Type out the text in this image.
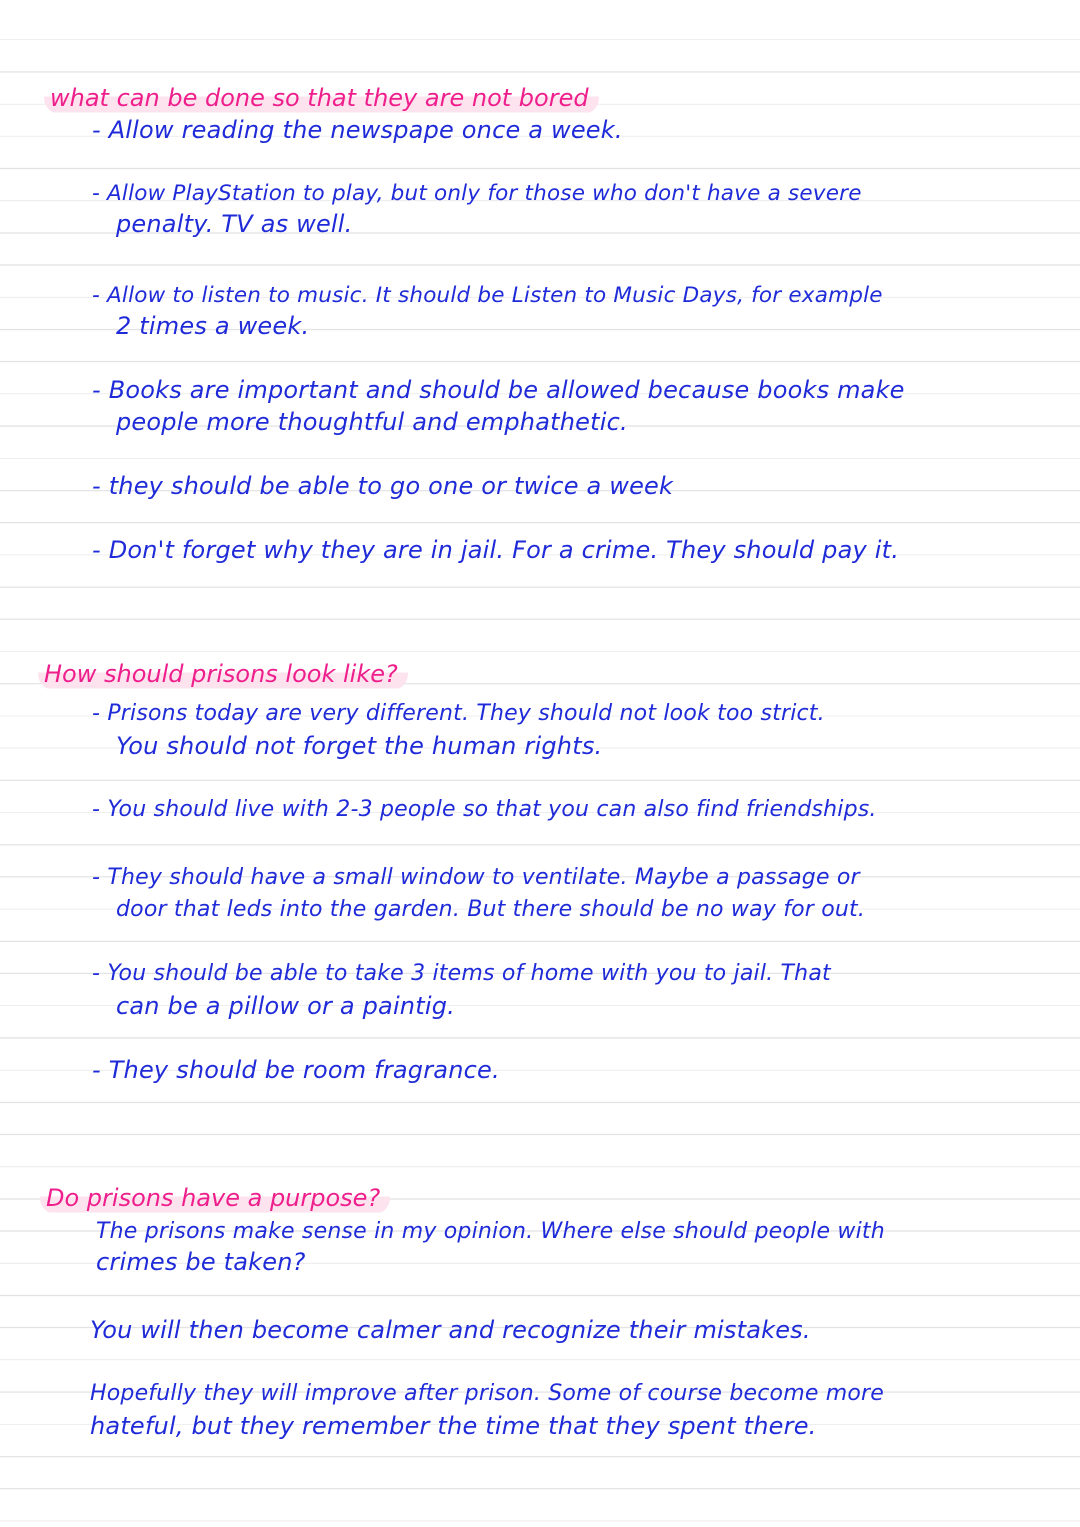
what can be done so that they are not bored
- Allow reading the newspape once a week.
- Allow PlayStation to play, but only for those who don't have a severe
penalty. TV as well.
- Allow to listen to music. It should be Listen to Music Days, for example
2 times a week.
- Books are important and should be allowed because books make
people more thoughtful and emphathetic.
- they should be able to go one or twice a week
- Don't forget why they are in jail. For a crime. They should pay it.
How should prisons look like?
- Prisons today are very different. They should not look too strict.
You should not forget the human rights.
- You should live with 2-3 people so that you can also find friendships.
- They should have a small window to ventilate. Maybe a passage or
door that leds into the garden. But there should be no way for out.
- You should be able to take 3 items of home with you to jail. That
can be a pillow or a paintig.
- They should be room fragrance.
Do prisons have a purpose?
The prisons make sense in my opinion. Where else should people with
crimes be taken?
You will then become calmer and recognize their mistakes.
Hopefully they will improve after prison. Some of course become more
hateful, but they remember the time that they spent there.
